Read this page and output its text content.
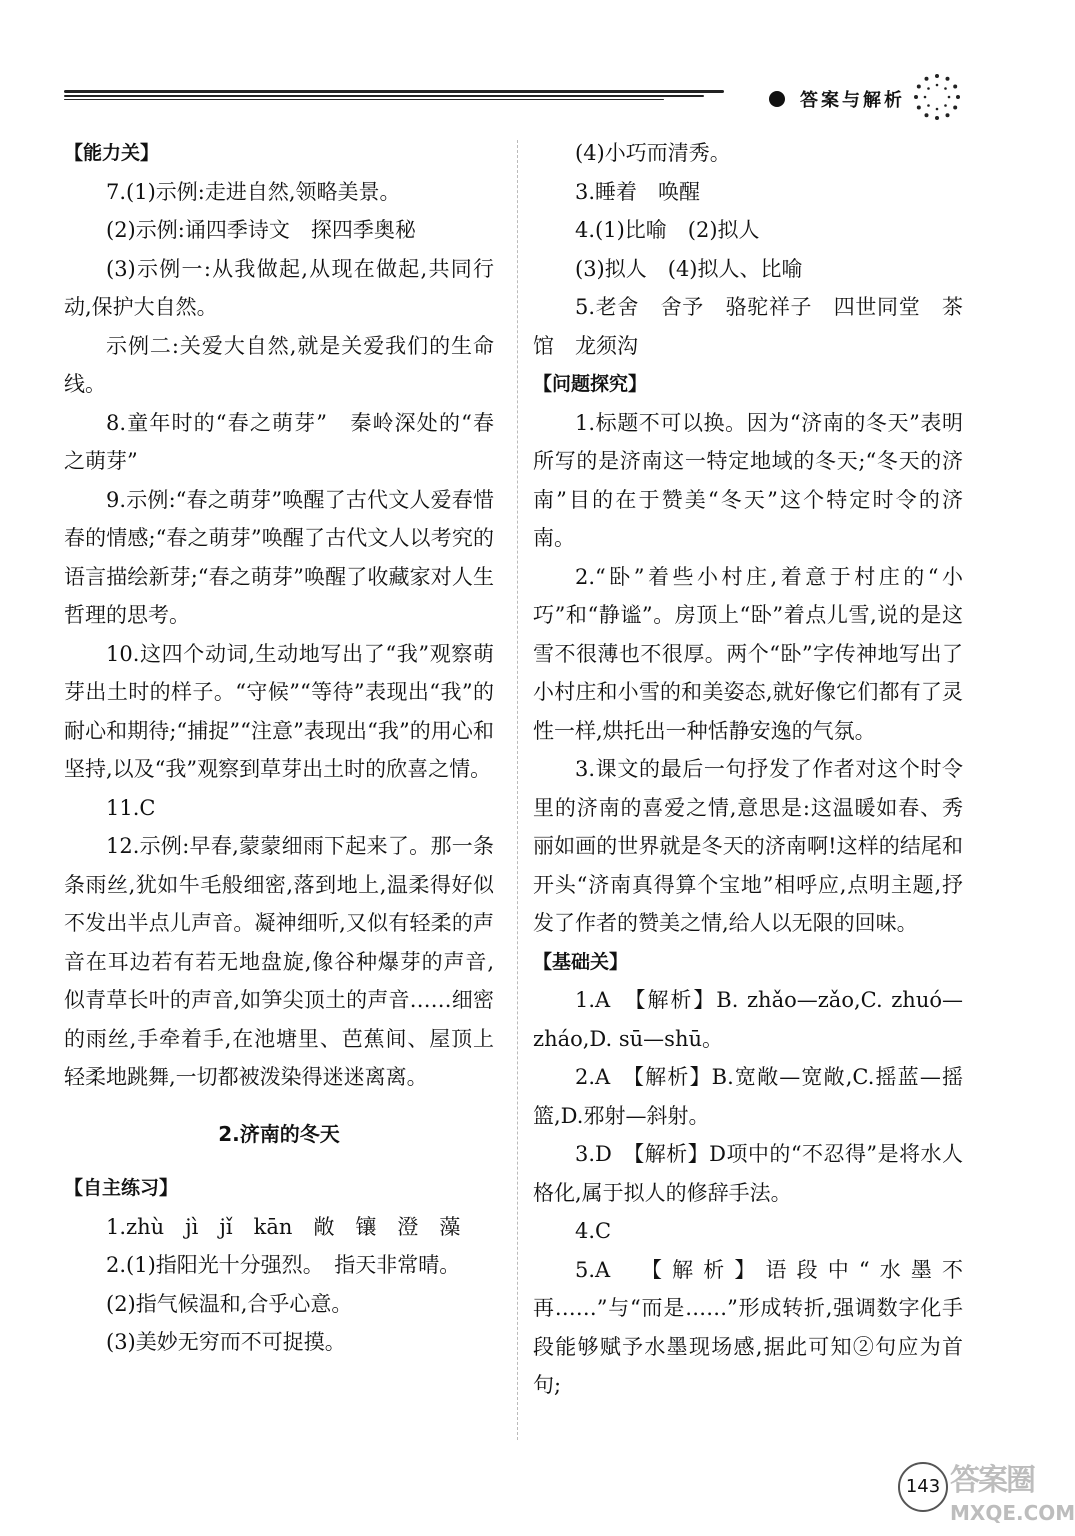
答案与解析

【能力关】

7.(1)示例:走进自然,领略美景。

(2)示例:诵四季诗文　探四季奥秘

(3)示例一:从我做起,从现在做起,共同行动,保护大自然。

示例二:关爱大自然,就是关爱我们的生命线。

8.童年时的“春之萌芽”　秦岭深处的“春之萌芽”

9.示例:“春之萌芽”唤醒了古代文人爱春惜春的情感;“春之萌芽”唤醒了古代文人以考究的语言描绘新芽;“春之萌芽”唤醒了收藏家对人生哲理的思考。

10.这四个动词,生动地写出了“我”观察萌芽出土时的样子。“守候”“等待”表现出“我”的耐心和期待;“捕捉”“注意”表现出“我”的用心和坚持,以及“我”观察到草芽出土时的欣喜之情。

11.C

12.示例:早春,蒙蒙细雨下起来了。那一条条雨丝,犹如牛毛般细密,落到地上,温柔得好似不发出半点儿声音。凝神细听,又似有轻柔的声音在耳边若有若无地盘旋,像谷种爆芽的声音,似青草长叶的声音,如笋尖顶土的声音……细密的雨丝,手牵着手,在池塘里、芭蕉间、屋顶上轻柔地跳舞,一切都被泼染得迷迷离离。

2.济南的冬天

【自主练习】

1.zhù　jì　jǐ　kān　敞　镶　澄　藻

2.(1)指阳光十分强烈。　指天非常晴。

(2)指气候温和,合乎心意。

(3)美妙无穷而不可捉摸。

(4)小巧而清秀。

3.睡着　唤醒

4.(1)比喻　(2)拟人

(3)拟人　(4)拟人、比喻

5.老舍　舍予　骆驼祥子　四世同堂　茶馆　龙须沟

【问题探究】

1.标题不可以换。因为“济南的冬天”表明所写的是济南这一特定地域的冬天;“冬天的济南”目的在于赞美“冬天”这个特定时令的济南。

2.“卧”着些小村庄,着意于村庄的“小巧”和“静谧”。房顶上“卧”着点儿雪,说的是这雪不很薄也不很厚。两个“卧”字传神地写出了小村庄和小雪的和美姿态,就好像它们都有了灵性一样,烘托出一种恬静安逸的气氛。

3.课文的最后一句抒发了作者对这个时令里的济南的喜爱之情,意思是:这温暖如春、秀丽如画的世界就是冬天的济南啊!这样的结尾和开头“济南真得算个宝地”相呼应,点明主题,抒发了作者的赞美之情,给人以无限的回味。

【基础关】

1.A　【解析】B. zhǎo—zǎo,C. zhuó—zháo,D. sū—shū。

2.A　【解析】B.宽敞—宽敞,C.摇蓝—摇篮,D.邪射—斜射。

3.D　【解析】D项中的“不忍得”是将水人格化,属于拟人的修辞手法。

4.C

5.A　【解析】语段中“水墨不再……”与“而是……”形成转折,强调数字化手段能够赋予水墨现场感,据此可知②句应为首句;

143 答案圈
MXQE.COM
